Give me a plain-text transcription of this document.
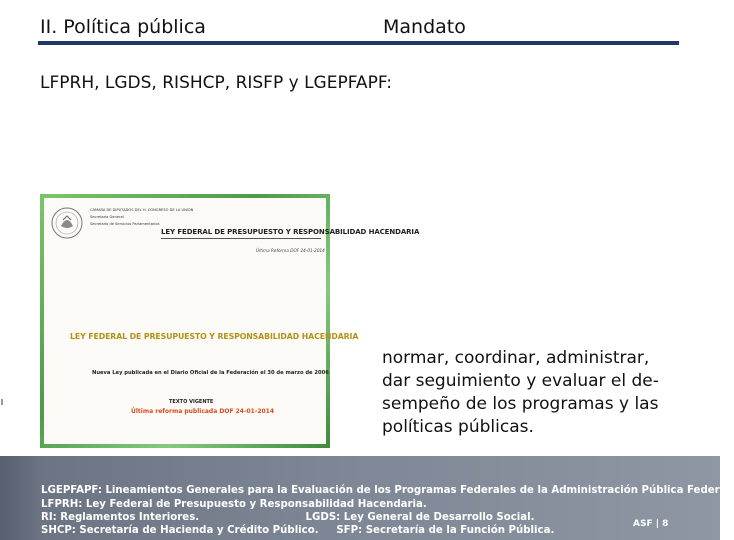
II. Política pública	Mandato
LFPRH, LGDS, RISHCP, RISFP y LGEPFAPF:
CAMARA DE DIPUTADOS DEL H. CONGRESO DE LA UNION
Secretaría General
Secretaría de Servicios Parlamentarios
LEY FEDERAL DE PRESUPUESTO Y RESPONSABILIDAD HACENDARIA
Última Reforma DOF 24-01-2014
LEY FEDERAL DE PRESUPUESTO Y RESPONSABILIDAD HACENDARIA
Nueva Ley publicada en el Diario Oficial de la Federación el 30 de marzo de 2006
TEXTO VIGENTE
Última reforma publicada DOF 24-01-2014
normar, coordinar, administrar,
dar seguimiento y evaluar el de-
sempeño de los programas y las
políticas públicas.
LGEPFAPF: Lineamientos Generales para la Evaluación de los Programas Federales de la Administración Pública Federal.
LFPRH: Ley Federal de Presupuesto y Responsabilidad Hacendaria.
RI: Reglamentos Interiores.                              LGDS: Ley General de Desarrollo Social.
SHCP: Secretaría de Hacienda y Crédito Público.     SFP: Secretaría de la Función Pública.
ASF | 8
